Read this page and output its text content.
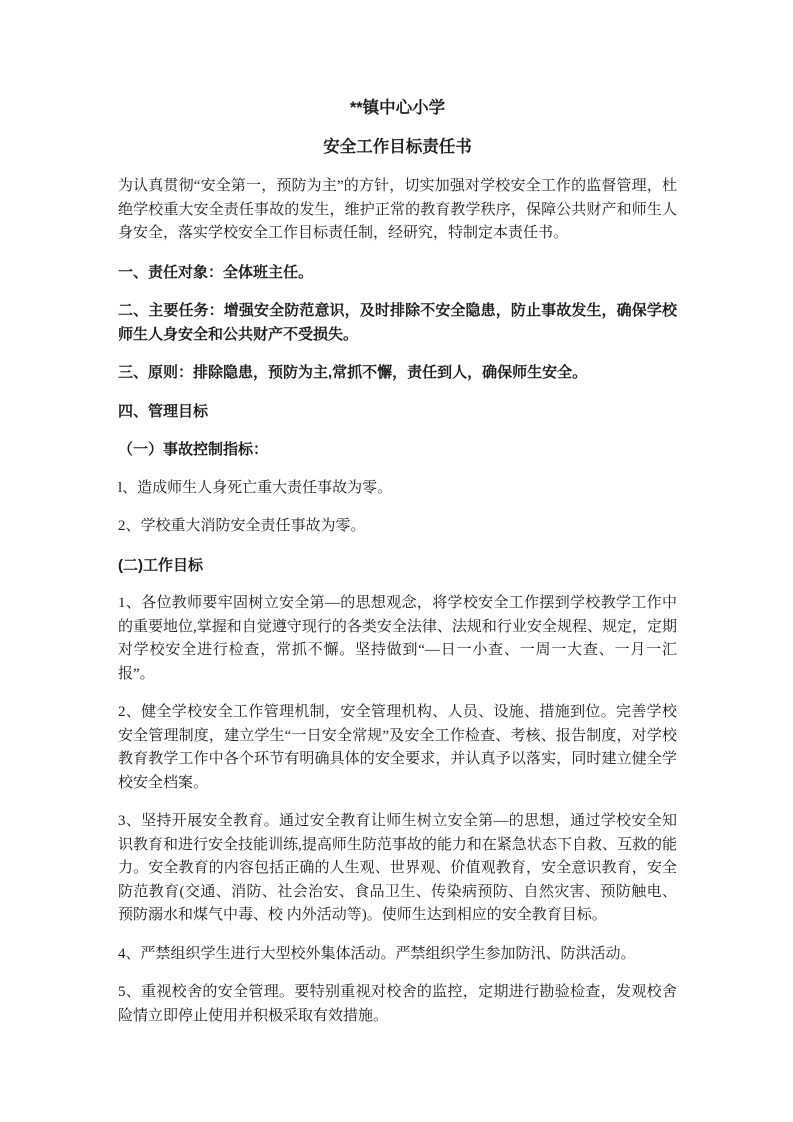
**镇中心小学
安全工作目标责任书

为认真贯彻“安全第一，预防为主”的方针，切实加强对学校安全工作的监督管理，杜绝学校重大安全责任事故的发生，维护正常的教育教学秩序，保障公共财产和师生人身安全，落实学校安全工作目标责任制，经研究，特制定本责任书。

一、责任对象：全体班主任。

二、主要任务：增强安全防范意识，及时排除不安全隐患，防止事故发生，确保学校师生人身安全和公共财产不受损失。

三、原则：排除隐患，预防为主,常抓不懈，责任到人，确保师生安全。

四、管理目标

（一）事故控制指标：

l、造成师生人身死亡重大责任事故为零。

2、学校重大消防安全责任事故为零。

(二)工作目标

1、各位教师要牢固树立安全第—的思想观念，将学校安全工作摆到学校教学工作中的重要地位,掌握和自觉遵守现行的各类安全法律、法规和行业安全规程、规定，定期对学校安全进行检查，常抓不懈。坚持做到“—日一小查、一周一大查、一月一汇报”。

2、健全学校安全工作管理机制，安全管理机构、人员、设施、措施到位。完善学校安全管理制度，建立学生“一日安全常规”及安全工作检查、考核、报告制度，对学校教育教学工作中各个环节有明确具体的安全要求，并认真予以落实，同时建立健全学校安全档案。

3、坚持开展安全教育。通过安全教育让师生树立安全第—的思想，通过学校安全知识教育和进行安全技能训练,提高师生防范事故的能力和在紧急状态下自救、互救的能力。安全教育的内容包括正确的人生观、世界观、价值观教育，安全意识教育，安全防范教育(交通、消防、社会治安、食品卫生、传染病预防、自然灾害、预防触电、预防溺水和煤气中毒、校 内外活动等)。使师生达到相应的安全教育目标。

4、严禁组织学生进行大型校外集体活动。严禁组织学生参加防汛、防洪活动。

5、重视校舍的安全管理。要特别重视对校舍的监控，定期进行勘验检查，发观校舍险情立即停止使用并积极采取有效措施。
